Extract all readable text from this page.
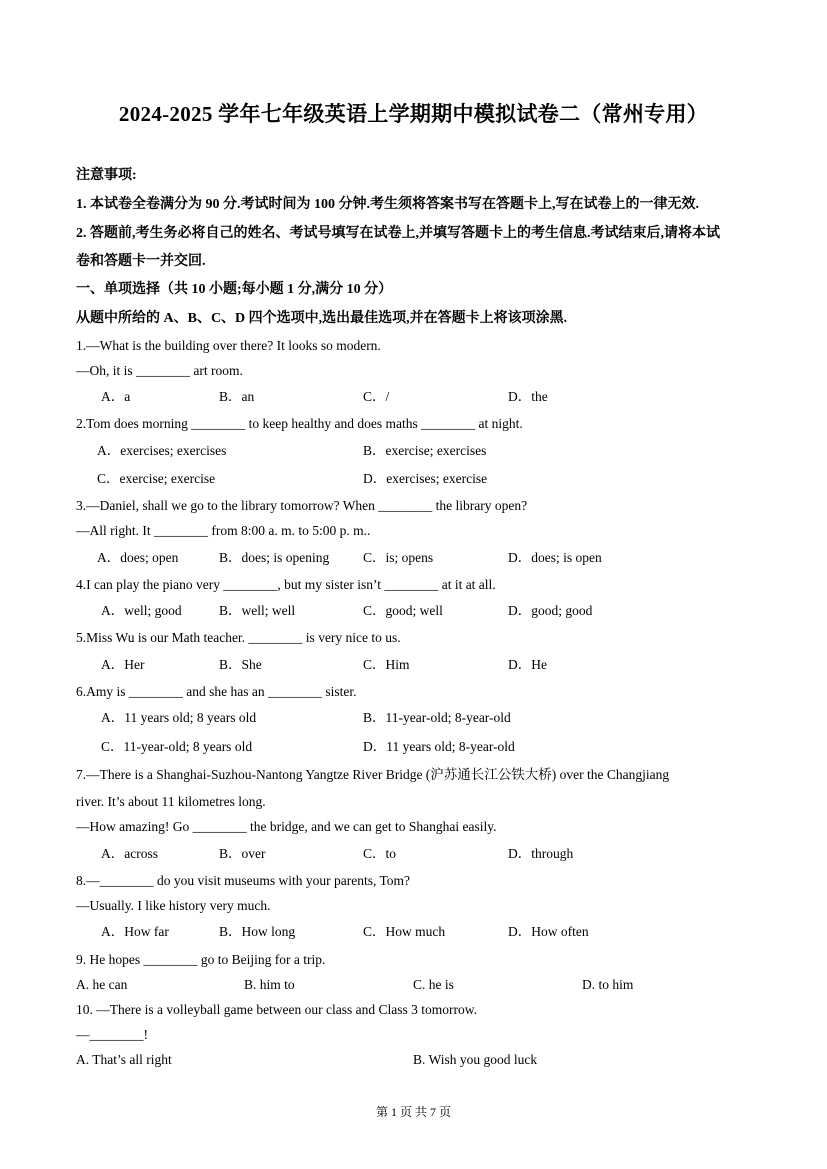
2024-2025 学年七年级英语上学期期中模拟试卷二（常州专用）
注意事项:
1. 本试卷全卷满分为 90 分.考试时间为 100 分钟.考生须将答案书写在答题卡上,写在试卷上的一律无效.
2. 答题前,考生务必将自己的姓名、考试号填写在试卷上,并填写答题卡上的考生信息.考试结束后,请将本试
卷和答题卡一并交回.
一、单项选择（共 10 小题;每小题 1 分,满分 10 分）
从题中所给的 A、B、C、D 四个选项中,选出最佳选项,并在答题卡上将该项涂黑.
1.—What is the building over there? It looks so modern.
—Oh, it is ________ art room.
A．a	B．an	C．/	D．the
2.Tom does morning ________ to keep healthy and does maths ________ at night.
A．exercises; exercises	B．exercise; exercises
C．exercise; exercise	D．exercises; exercise
3.—Daniel, shall we go to the library tomorrow? When ________ the library open?
—All right. It ________ from 8:00 a. m. to 5:00 p. m..
A．does; open	B．does; is opening	C．is; opens	D．does; is open
4.I can play the piano very ________, but my sister isn’t ________ at it at all.
A．well; good	B．well; well	C．good; well	D．good; good
5.Miss Wu is our Math teacher. ________ is very nice to us.
A．Her	B．She	C．Him	D．He
6.Amy is ________ and she has an ________ sister.
A．11 years old; 8 years old	B．11-year-old; 8-year-old
C．11-year-old; 8 years old	D．11 years old; 8-year-old
7.—There is a Shanghai-Suzhou-Nantong Yangtze River Bridge (沪苏通长江公铁大桥) over the Changjiang
river. It’s about 11 kilometres long.
—How amazing! Go ________ the bridge, and we can get to Shanghai easily.
A．across	B．over	C．to	D．through
8.—________ do you visit museums with your parents, Tom?
—Usually. I like history very much.
A．How far	B．How long	C．How much	D．How often
9. He hopes ________ go to Beijing for a trip.
A. he can	B. him to	C. he is	D. to him
10. —There is a volleyball game between our class and Class 3 tomorrow.
—________!
A. That’s all right	B. Wish you good luck
第 1 页 共 7 页
